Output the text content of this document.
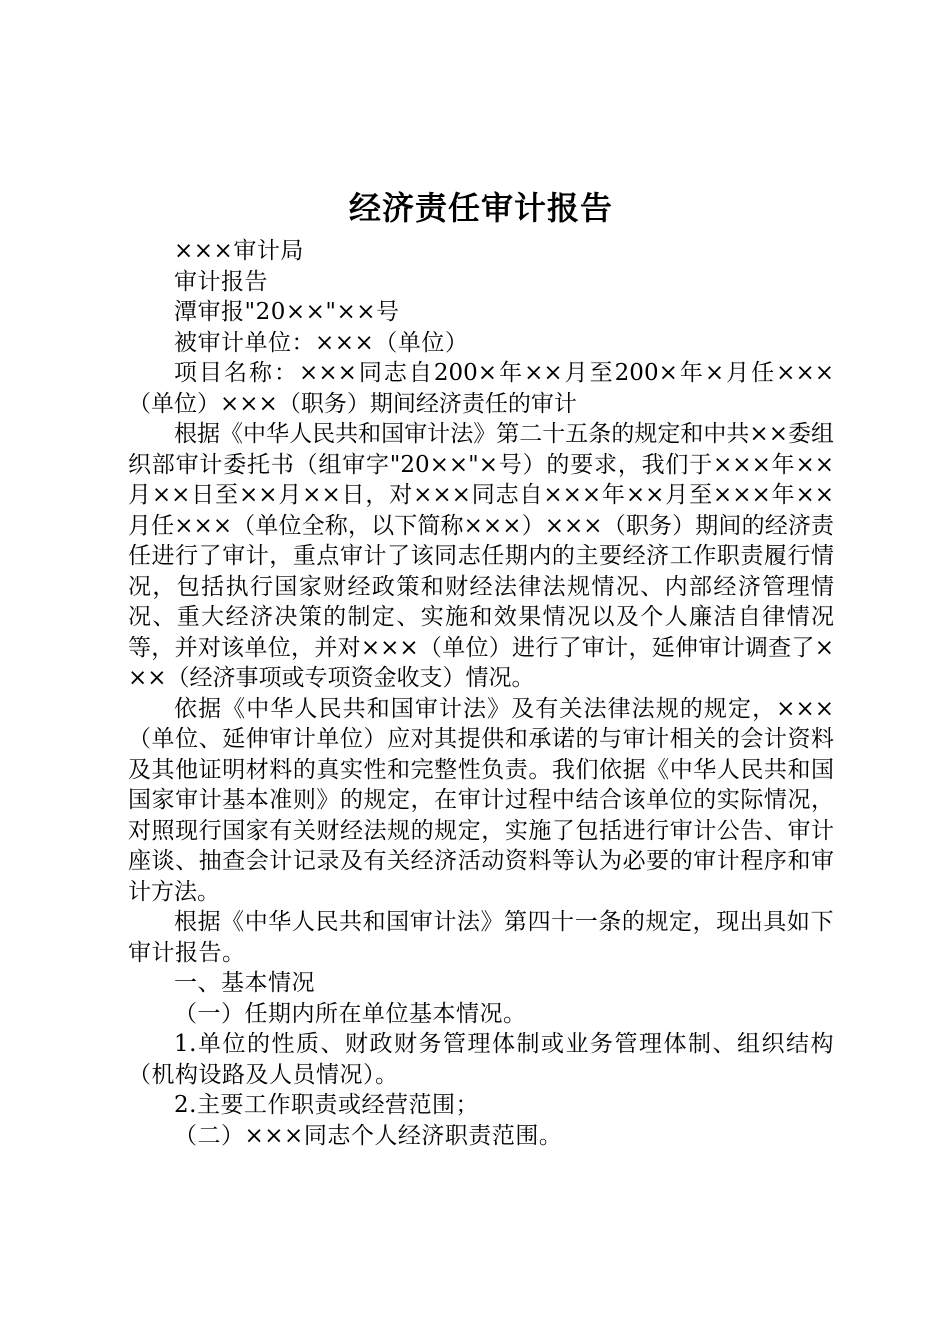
经济责任审计报告

×××审计局

审计报告

潭审报"20××"××号

被审计单位：×××（单位）

项目名称：×××同志自200×年××月至200×年×月任×××（单位）×××（职务）期间经济责任的审计

根据《中华人民共和国审计法》第二十五条的规定和中共××委组织部审计委托书（组审字"20××"×号）的要求，我们于×××年××月××日至××月××日，对×××同志自×××年××月至×××年××月任×××（单位全称，以下简称×××）×××（职务）期间的经济责任进行了审计，重点审计了该同志任期内的主要经济工作职责履行情况，包括执行国家财经政策和财经法律法规情况、内部经济管理情况、重大经济决策的制定、实施和效果情况以及个人廉洁自律情况等，并对该单位，并对×××（单位）进行了审计，延伸审计调查了×××（经济事项或专项资金收支）情况。

依据《中华人民共和国审计法》及有关法律法规的规定，×××（单位、延伸审计单位）应对其提供和承诺的与审计相关的会计资料及其他证明材料的真实性和完整性负责。我们依据《中华人民共和国国家审计基本准则》的规定，在审计过程中结合该单位的实际情况，对照现行国家有关财经法规的规定，实施了包括进行审计公告、审计座谈、抽查会计记录及有关经济活动资料等认为必要的审计程序和审计方法。

根据《中华人民共和国审计法》第四十一条的规定，现出具如下审计报告。

一、基本情况

（一）任期内所在单位基本情况。

1.单位的性质、财政财务管理体制或业务管理体制、组织结构（机构设路及人员情况）。

2.主要工作职责或经营范围；

（二）×××同志个人经济职责范围。
